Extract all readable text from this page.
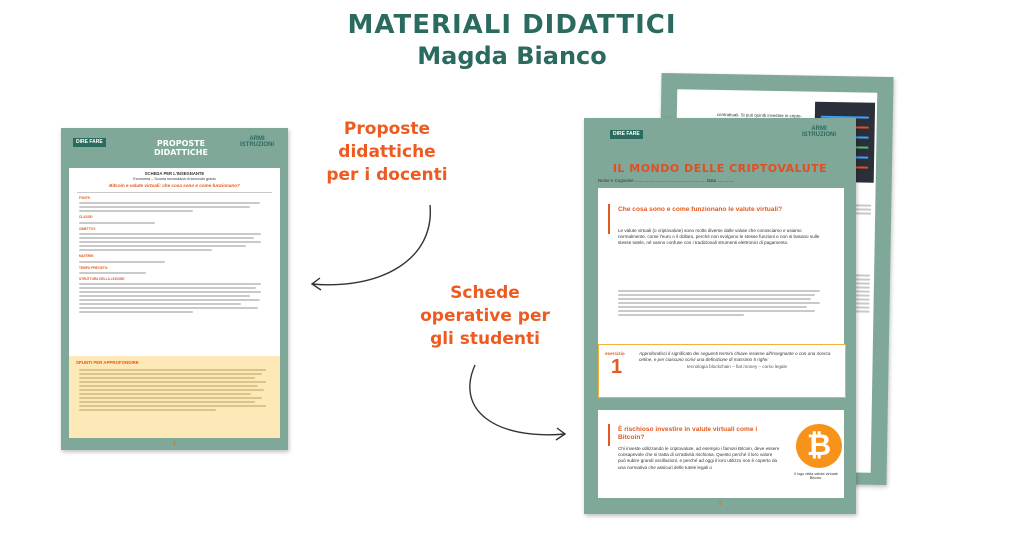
MATERIALI DIDATTICI
Magda Bianco
Proposte
didattiche
per i docenti
Schede
operative per
gli studenti
DIRE FARE	PROPOSTE DIDATTICHE
ARMI ISTRUZIONI
SCHEDA PER L'INSEGNANTE
Economia – Scuola secondaria di secondo grado
Bitcoin e valute virtuali: che cosa sono e come funzionano?
FONTE:
CLASSE:
OBIETTIVI:
MATERIE:
TEMPO PREVISTO:
STRUTTURA DELLA LEZIONE
SPUNTI PER APPROFONDIRE
1
contrattuali. Si può quindi investire in cripto-attività,
DIRE FARE
ARMI ISTRUZIONI
IL MONDO DELLE CRIPTOVALUTE
Nome e Cognome .......................................................... Data ..............
Che cosa sono e come funzionano le valute virtuali?
Le valute virtuali (o criptovalute) sono molto diverse dalle valute che conosciamo e usiamo normalmente, come l'euro o il dollaro, perché non svolgono le stesse funzioni e non si basano sulle stesse tutele, né vanno confuse con i tradizionali strumenti elettronici di pagamento.
esercizio
1
Approfondisci il significato dei seguenti termini chiave insieme all'insegnante o con una ricerca online, e per ciascuno scrivi una definizione di massimo 5 righe:
tecnologia blockchain – fiat money – corso legale
È rischioso investire in valute virtuali come i Bitcoin?
Chi investe utilizzando le criptovalute, ad esempio i famosi Bitcoin, deve essere consapevole che si tratta di un'attività rischiosa. Questo perché il loro valore può subire grandi oscillazioni, e perché ad oggi il loro utilizzo non è coperto da una normativa che assicuri delle tutele legali o
₿
Il logo della valuta virtuale Bitcoin.
1
